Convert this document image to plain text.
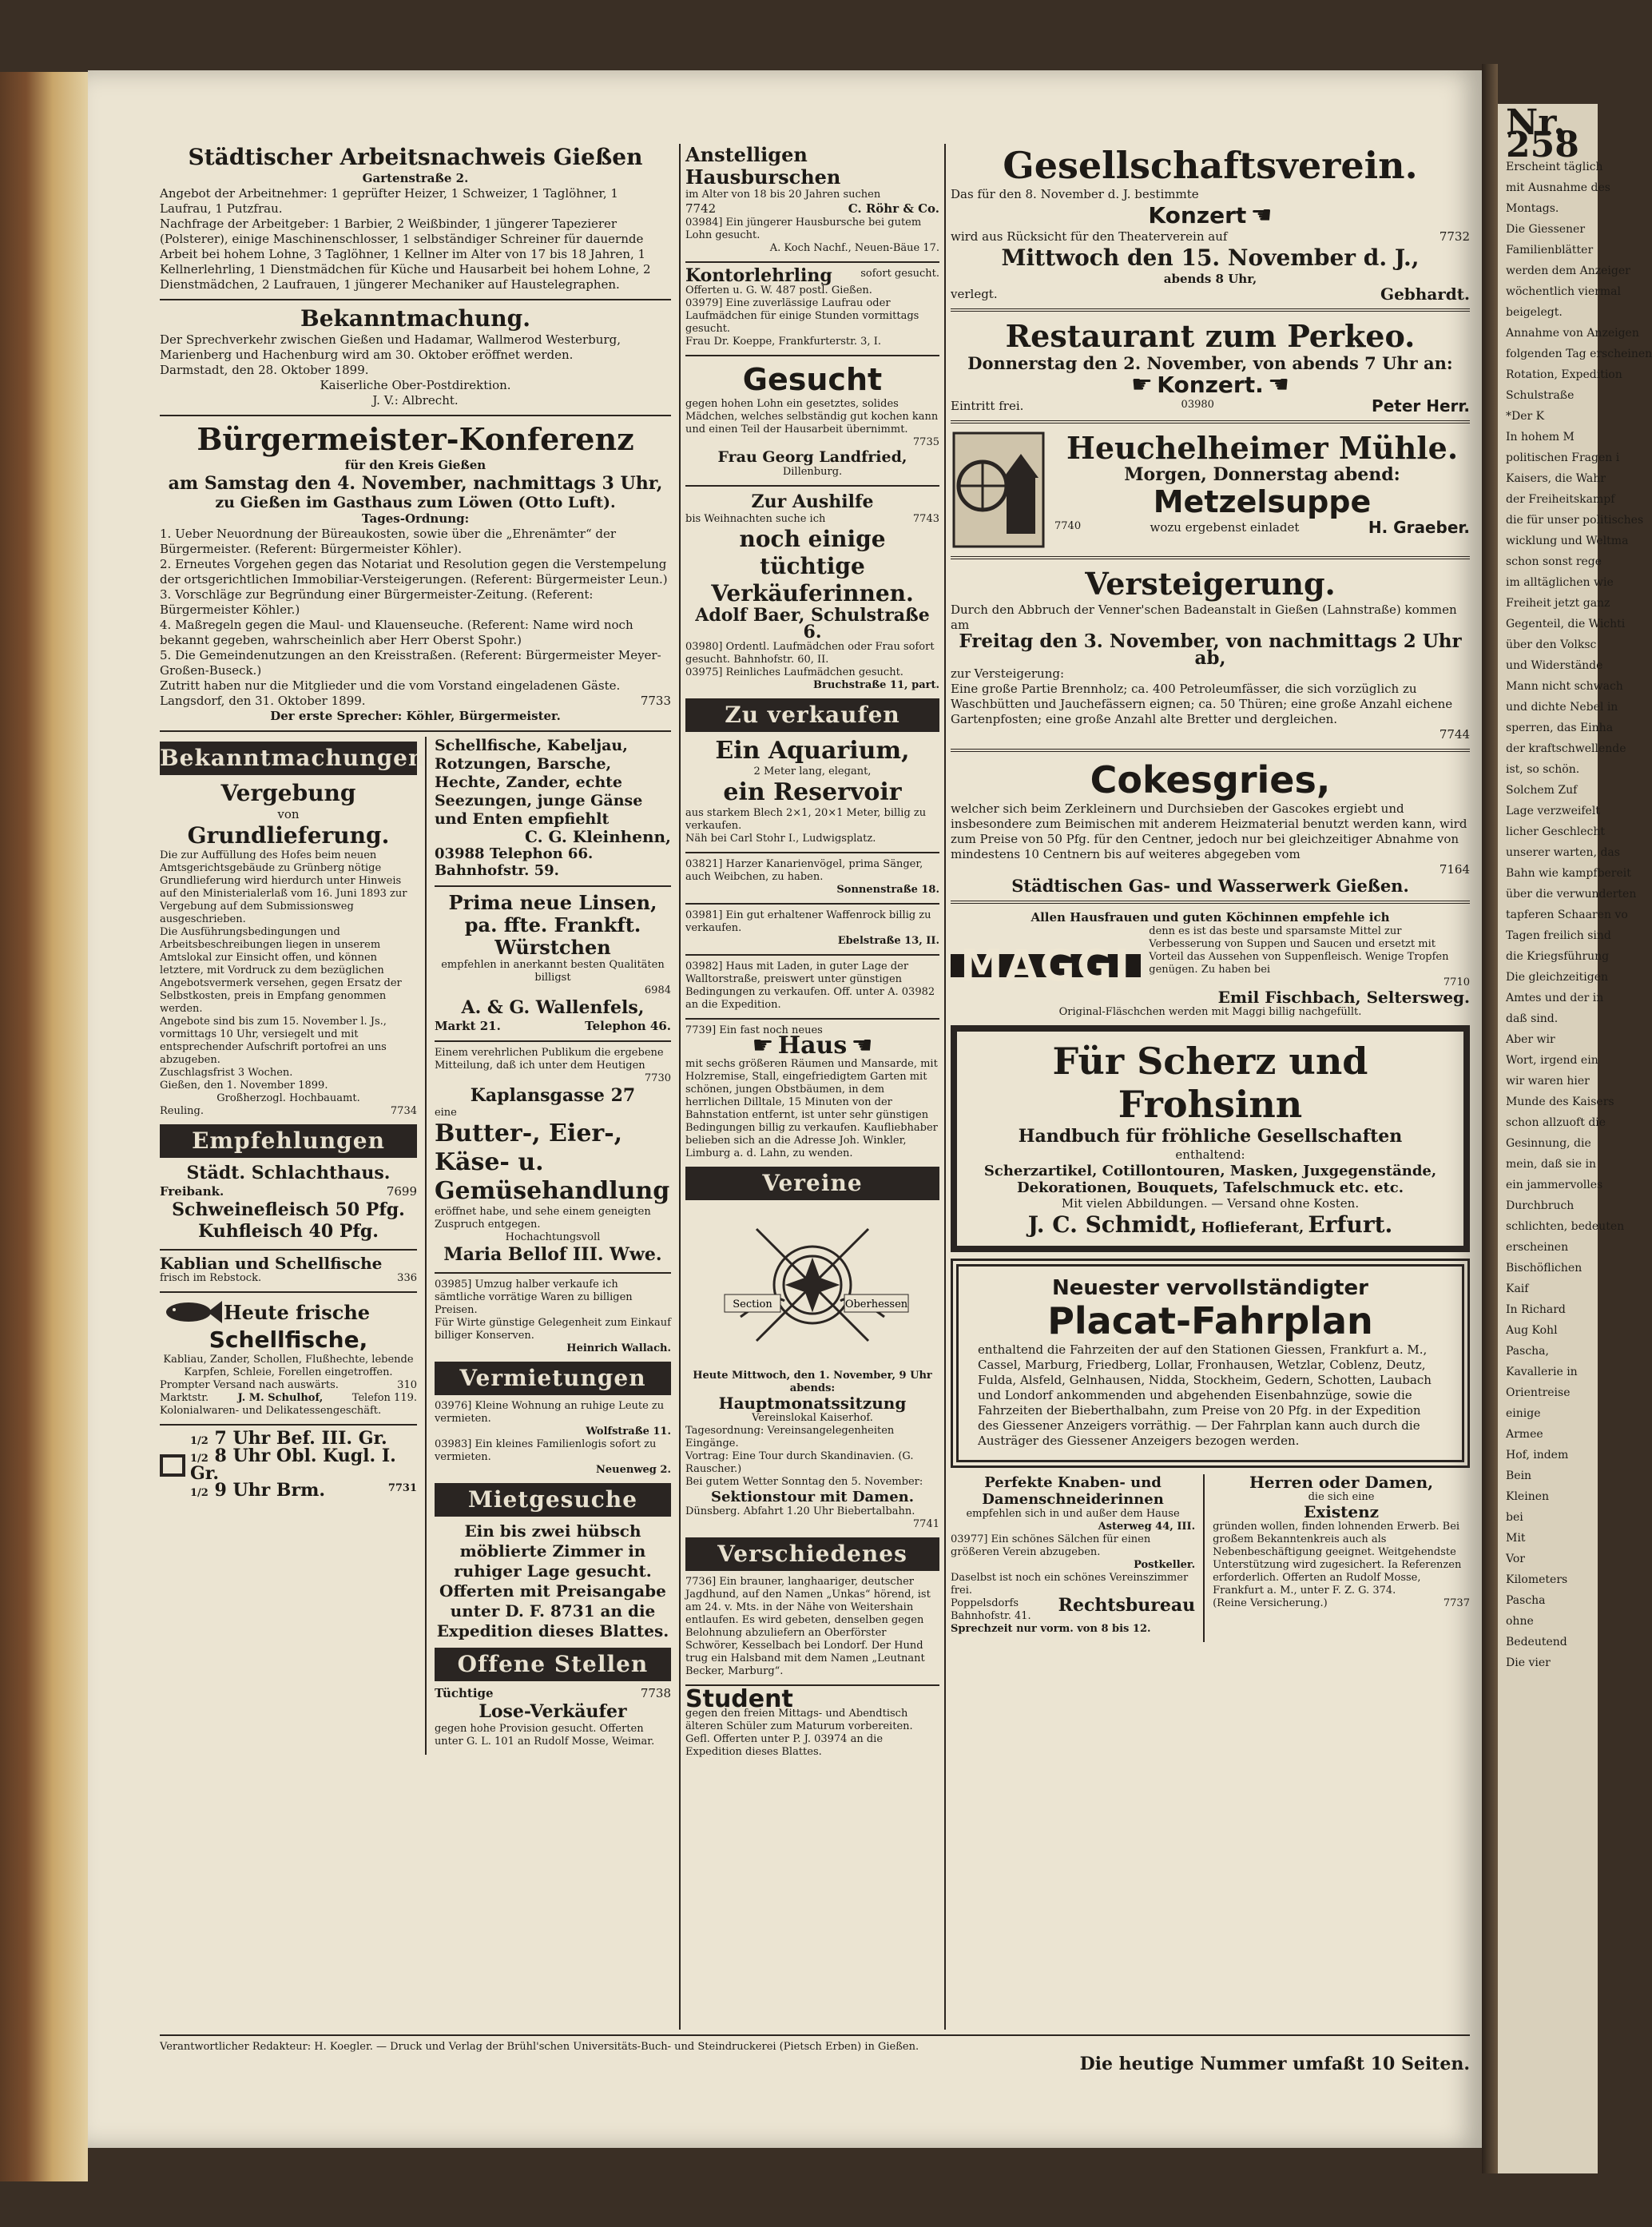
Städtischer Arbeitsnachweis Gießen
Gartenstraße 2.
Angebot der Arbeitnehmer: 1 geprüfter Heizer, 1 Schweizer, 1 Taglöhner, 1 Laufrau, 1 Putzfrau.
Nachfrage der Arbeitgeber: 1 Barbier, 2 Weißbinder, 1 jüngerer Tapezierer (Polsterer), einige Maschinenschlosser, 1 selbständiger Schreiner für dauernde Arbeit bei hohem Lohne, 3 Taglöhner, 1 Kellner im Alter von 17 bis 18 Jahren, 1 Kellnerlehrling, 1 Dienstmädchen für Küche und Hausarbeit bei hohem Lohne, 2 Dienstmädchen, 2 Laufrauen, 1 jüngerer Mechaniker auf Haustelegraphen.
Bekanntmachung.
Der Sprechverkehr zwischen Gießen und Hadamar, Wallmerod Westerburg, Marienberg und Hachenburg wird am 30. Oktober eröffnet werden.
Darmstadt, den 28. Oktober 1899.
Kaiserliche Ober-Postdirektion.
J. V.: Albrecht.
Bürgermeister-Konferenz
für den Kreis Gießen
am Samstag den 4. November, nachmittags 3 Uhr,
zu Gießen im Gasthaus zum Löwen (Otto Luft).
Tages-Ordnung:
1. Ueber Neuordnung der Büreaukosten, sowie über die „Ehrenämter“ der Bürgermeister. (Referent: Bürgermeister Köhler).
2. Erneutes Vorgehen gegen das Notariat und Resolution gegen die Verstempelung der ortsgerichtlichen Immobiliar-Versteigerungen. (Referent: Bürgermeister Leun.)
3. Vorschläge zur Begründung einer Bürgermeister-Zeitung. (Referent: Bürgermeister Köhler.)
4. Maßregeln gegen die Maul- und Klauenseuche. (Referent: Name wird noch bekannt gegeben, wahrscheinlich aber Herr Oberst Spohr.)
5. Die Gemeindenutzungen an den Kreisstraßen. (Referent: Bürgermeister Meyer-Großen-Buseck.)
Zutritt haben nur die Mitglieder und die vom Vorstand eingeladenen Gäste.
Langsdorf, den 31. Oktober 1899.	7733
Der erste Sprecher: Köhler, Bürgermeister.
Bekanntmachungen
Vergebung
von
Grundlieferung.
Die zur Auffüllung des Hofes beim neuen Amtsgerichtsgebäude zu Grünberg nötige Grundlieferung wird hierdurch unter Hinweis auf den Ministerialerlaß vom 16. Juni 1893 zur Vergebung auf dem Submissionsweg ausgeschrieben.
Die Ausführungsbedingungen und Arbeitsbeschreibungen liegen in unserem Amtslokal zur Einsicht offen, und können letztere, mit Vordruck zu dem bezüglichen Angebotsvermerk versehen, gegen Ersatz der Selbstkosten, preis in Empfang genommen werden.
Angebote sind bis zum 15. November l. Js., vormittags 10 Uhr, versiegelt und mit entsprechender Aufschrift portofrei an uns abzugeben.
Zuschlagsfrist 3 Wochen.
Gießen, den 1. November 1899.
Großherzogl. Hochbauamt.
Reuling.	7734
Empfehlungen
Städt. Schlachthaus.
Freibank.	7699
Schweinefleisch 50 Pfg.
Kuhfleisch 40 Pfg.
Kablian und Schellfische
frisch im Rebstock.	336
Heute frische
Schellfische,
Kabliau, Zander, Schollen, Flußhechte, lebende Karpfen, Schleie, Forellen eingetroffen.
Prompter Versand nach auswärts.	310
Marktstr.	J. M. Schulhof,	Telefon 119.
Kolonialwaren- und Delikatessengeschäft.
1/2 7 Uhr Bef. III. Gr.
1/2 8 Uhr Obl. Kugl. I. Gr.
1/2 9 Uhr Brm.	7731
Schellfische, Kabeljau, Rotzungen, Barsche, Hechte, Zander, echte Seezungen, junge Gänse und Enten empfiehlt
C. G. Kleinhenn,
03988 Telephon 66. Bahnhofstr. 59.
Prima neue Linsen, pa. ffte. Frankft. Würstchen
empfehlen in anerkannt besten Qualitäten billigst
6984
A. & G. Wallenfels,
Markt 21.	Telephon 46.
Einem verehrlichen Publikum die ergebene Mitteilung, daß ich unter dem Heutigen
7730
Kaplansgasse 27
eine
Butter-, Eier-, Käse- u. Gemüsehandlung
eröffnet habe, und sehe einem geneigten Zuspruch entgegen.
Hochachtungsvoll
Maria Bellof III. Wwe.
03985] Umzug halber verkaufe ich sämtliche vorrätige Waren zu billigen Preisen.
Für Wirte günstige Gelegenheit zum Einkauf billiger Konserven.
Heinrich Wallach.
Vermietungen
03976] Kleine Wohnung an ruhige Leute zu vermieten.
Wolfstraße 11.
03983] Ein kleines Familienlogis sofort zu vermieten.
Neuenweg 2.
Mietgesuche
Ein bis zwei hübsch möblierte Zimmer in ruhiger Lage gesucht. Offerten mit Preisangabe unter D. F. 8731 an die Expedition dieses Blattes.
Offene Stellen
Tüchtige	7738
Lose-Verkäufer
gegen hohe Provision gesucht. Offerten unter G. L. 101 an Rudolf Mosse, Weimar.
Anstelligen Hausburschen
im Alter von 18 bis 20 Jahren suchen
7742	C. Röhr & Co.
03984] Ein jüngerer Hausbursche bei gutem Lohn gesucht.
A. Koch Nachf., Neuen-Bäue 17.
Kontorlehrling	sofort gesucht.
Offerten u. G. W. 487 postl. Gießen.
03979] Eine zuverlässige Laufrau oder Laufmädchen für einige Stunden vormittags gesucht.
Frau Dr. Koeppe, Frankfurterstr. 3, I.
Gesucht
gegen hohen Lohn ein gesetztes, solides Mädchen, welches selbständig gut kochen kann und einen Teil der Hausarbeit übernimmt.
7735
Frau Georg Landfried,
Dillenburg.
Zur Aushilfe
bis Weihnachten suche ich	7743
noch einige tüchtige Verkäuferinnen.
Adolf Baer, Schulstraße 6.
03980] Ordentl. Laufmädchen oder Frau sofort gesucht. Bahnhofstr. 60, II.
03975] Reinliches Laufmädchen gesucht.
Bruchstraße 11, part.
Zu verkaufen
Ein Aquarium,
2 Meter lang, elegant,
ein Reservoir
aus starkem Blech 2×1, 20×1 Meter, billig zu verkaufen.
Näh bei Carl Stohr I., Ludwigsplatz.
03821] Harzer Kanarienvögel, prima Sänger, auch Weibchen, zu haben.
Sonnenstraße 18.
03981] Ein gut erhaltener Waffenrock billig zu verkaufen.
Ebelstraße 13, II.
03982] Haus mit Laden, in guter Lage der Walltorstraße, preiswert unter günstigen Bedingungen zu verkaufen. Off. unter A. 03982 an die Expedition.
7739] Ein fast noch neues
☛ Haus ☚
mit sechs größeren Räumen und Mansarde, mit Holzremise, Stall, eingefriedigtem Garten mit schönen, jungen Obstbäumen, in dem herrlichen Dilltale, 15 Minuten von der Bahnstation entfernt, ist unter sehr günstigen Bedingungen billig zu verkaufen. Kaufliebhaber belieben sich an die Adresse Joh. Winkler, Limburg a. d. Lahn, zu wenden.
Vereine
Section	Oberhessen
Heute Mittwoch, den 1. November, 9 Uhr abends:
Hauptmonatssitzung
Vereinslokal Kaiserhof.
Tagesordnung: Vereinsangelegenheiten Eingänge.
Vortrag: Eine Tour durch Skandinavien. (G. Rauscher.)
Bei gutem Wetter Sonntag den 5. November:
Sektionstour mit Damen.
Dünsberg. Abfahrt 1.20 Uhr Biebertalbahn.
7741
Verschiedenes
7736] Ein brauner, langhaariger, deutscher Jagdhund, auf den Namen „Unkas“ hörend, ist am 24. v. Mts. in der Nähe von Weitershain entlaufen. Es wird gebeten, denselben gegen Belohnung abzuliefern an Oberförster Schwörer, Kesselbach bei Londorf. Der Hund trug ein Halsband mit dem Namen „Leutnant Becker, Marburg“.
Student
gegen den freien Mittags- und Abendtisch älteren Schüler zum Maturum vorbereiten.
Gefl. Offerten unter P. J. 03974 an die Expedition dieses Blattes.
Gesellschaftsverein.
Das für den 8. November d. J. bestimmte
Konzert ☚
wird aus Rücksicht für den Theaterverein auf	7732
Mittwoch den 15. November d. J.,
abends 8 Uhr,
verlegt.	Gebhardt.
Restaurant zum Perkeo.
Donnerstag den 2. November, von abends 7 Uhr an:
☛ Konzert. ☚
Eintritt frei.	03980	Peter Herr.
Heuchelheimer Mühle.
Morgen, Donnerstag abend:
Metzelsuppe
7740	wozu ergebenst einladet	H. Graeber.
Versteigerung.
Durch den Abbruch der Venner'schen Badeanstalt in Gießen (Lahnstraße) kommen am
Freitag den 3. November, von nachmittags 2 Uhr ab,
zur Versteigerung:
Eine große Partie Brennholz; ca. 400 Petroleumfässer, die sich vorzüglich zu Waschbütten und Jauchefässern eignen; ca. 50 Thüren; eine große Anzahl eichene Gartenpfosten; eine große Anzahl alte Bretter und dergleichen.
7744
Cokesgries,
welcher sich beim Zerkleinern und Durchsieben der Gascokes ergiebt und insbesondere zum Beimischen mit anderem Heizmaterial benutzt werden kann, wird zum Preise von 50 Pfg. für den Centner, jedoch nur bei gleichzeitiger Abnahme von mindestens 10 Centnern bis auf weiteres abgegeben vom
7164
Städtischen Gas- und Wasserwerk Gießen.
Allen Hausfrauen und guten Köchinnen empfehle ich
MAGGI
denn es ist das beste und sparsamste Mittel zur Verbesserung von Suppen und Saucen und ersetzt mit Vorteil das Aussehen von Suppenfleisch. Wenige Tropfen genügen. Zu haben bei
7710
Emil Fischbach, Seltersweg.
Original-Fläschchen werden mit Maggi billig nachgefüllt.
Für Scherz und Frohsinn
Handbuch für fröhliche Gesellschaften
enthaltend:
Scherzartikel, Cotillontouren, Masken, Juxgegenstände, Dekorationen, Bouquets, Tafelschmuck etc. etc.
Mit vielen Abbildungen. — Versand ohne Kosten.
J. C. Schmidt, Hoflieferant, Erfurt.
Neuester vervollständigter
Placat-Fahrplan
enthaltend die Fahrzeiten der auf den Stationen Giessen, Frankfurt a. M., Cassel, Marburg, Friedberg, Lollar, Fronhausen, Wetzlar, Coblenz, Deutz, Fulda, Alsfeld, Gelnhausen, Nidda, Stockheim, Gedern, Schotten, Laubach und Londorf ankommenden und abgehenden Eisenbahnzüge, sowie die Fahrzeiten der Bieberthalbahn, zum Preise von 20 Pfg. in der Expedition des Giessener Anzeigers vorräthig. — Der Fahrplan kann auch durch die Austräger des Giessener Anzeigers bezogen werden.
Perfekte Knaben- und Damenschneiderinnen
empfehlen sich in und außer dem Hause
Asterweg 44, III.
03977] Ein schönes Sälchen für einen größeren Verein abzugeben.
Postkeller.
Daselbst ist noch ein schönes Vereinszimmer frei.
Poppelsdorfs Bahnhofstr. 41.
Rechtsbureau
Sprechzeit nur vorm. von 8 bis 12.
Herren oder Damen,
die sich eine
Existenz
gründen wollen, finden lohnenden Erwerb. Bei großem Bekanntenkreis auch als Nebenbeschäftigung geeignet. Weitgehendste Unterstützung wird zugesichert. Ia Referenzen erforderlich. Offerten an Rudolf Mosse, Frankfurt a. M., unter F. Z. G. 374.
(Reine Versicherung.)	7737
Verantwortlicher Redakteur: H. Koegler. — Druck und Verlag der Brühl'schen Universitäts-Buch- und Steindruckerei (Pietsch Erben) in Gießen.
Die heutige Nummer umfaßt 10 Seiten.
Nr. 258
Erscheint täglich
mit Ausnahme des
Montags.
Die Giessener
Familienblätter
werden dem Anzeiger
wöchentlich viermal
beigelegt.
Annahme von Anzeigen
folgenden Tag erscheinen
Rotation, Expedition
Schulstraße
*Der K
In hohem M
politischen Fragen i
Kaisers, die Wahr
der Freiheitskampf
die für unser politisches
wicklung und Weltma
schon sonst rege
im alltäglichen wie
Freiheit jetzt ganz
Gegenteil, die Wichti
über den Volksc
und Widerstände
Mann nicht schwach
und dichte Nebel in
sperren, das Einha
der kraftschwellende
ist, so schön.
Solchem Zuf
Lage verzweifelt
licher Geschlecht
unserer warten, das
Bahn wie kampfbereit
über die verwunderten
tapferen Schaaren vo
Tagen freilich sind
die Kriegsführung
Die gleichzeitigen
Amtes und der in
daß sind.
Aber wir
Wort, irgend ein
wir waren hier
Munde des Kaisers
schon allzuoft die
Gesinnung, die
mein, daß sie in
ein jammervolles
Durchbruch
schlichten, bedeuten
erscheinen
Bischöflichen
Kaif
In Richard
Aug Kohl
Pascha,
Kavallerie in
Orientreise
einige
Armee
Hof, indem
Bein
Kleinen
bei
Mit
Vor
Kilometers
Pascha
ohne
Bedeutend
Die vier
